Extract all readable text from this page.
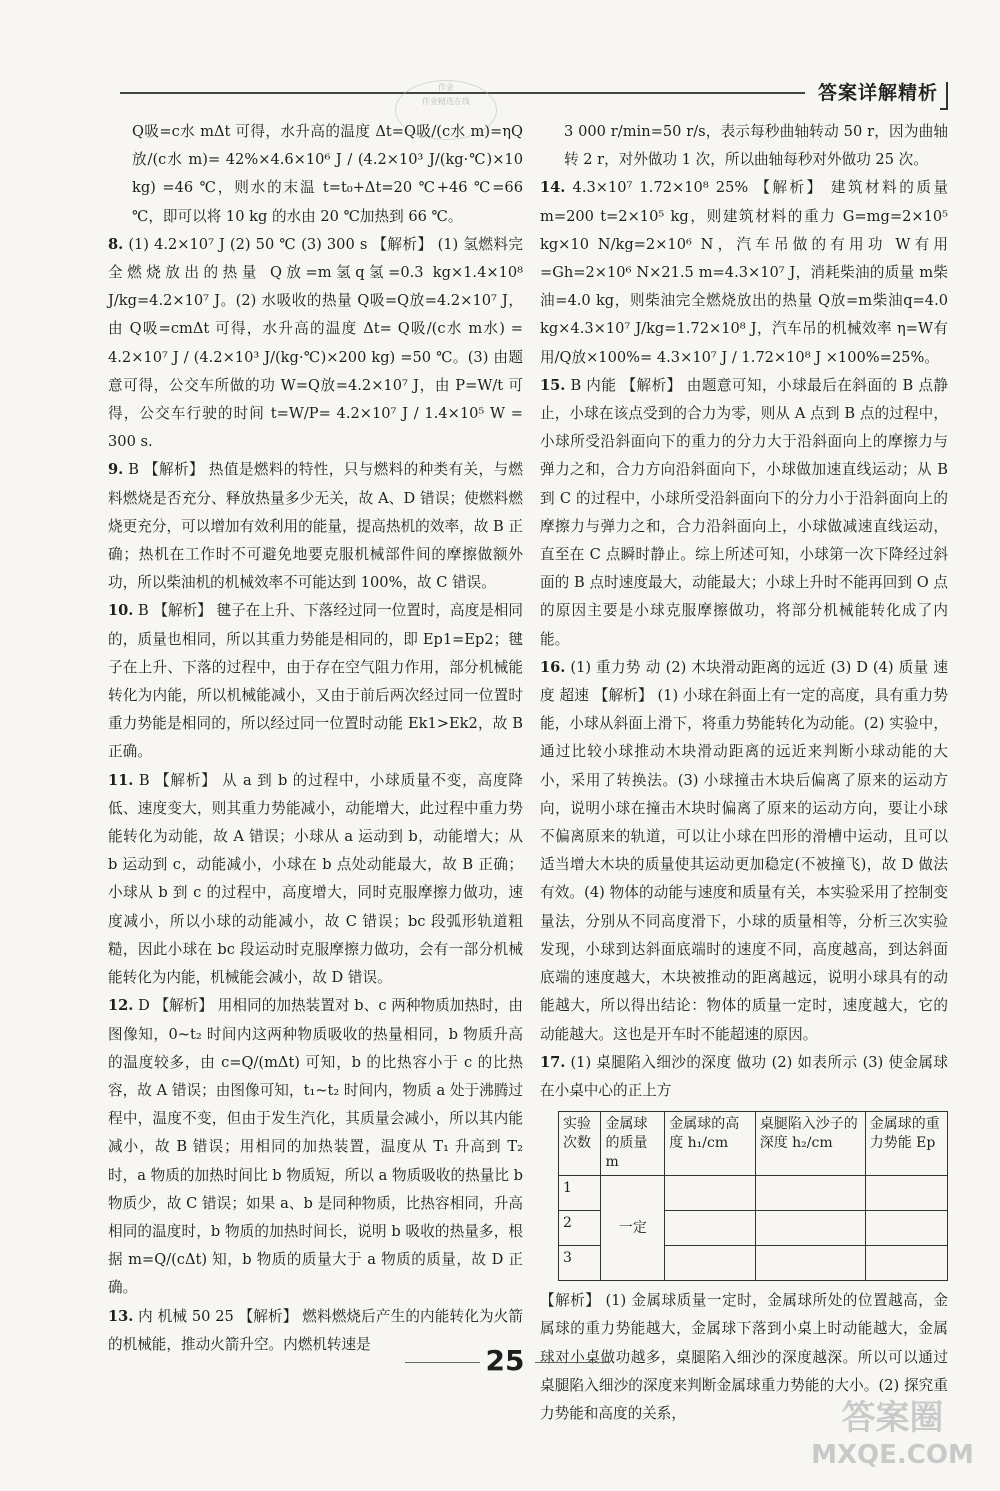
答案详解精析
作业
作业精选在线

Q吸=c水 mΔt 可得，水升高的温度 Δt=Q吸/(c水 m)=ηQ放/(c水 m)= 42%×4.6×10⁶ J / (4.2×10³ J/(kg·℃)×10 kg) =46 ℃，则水的末温 t=t₀+Δt=20 ℃+46 ℃=66 ℃，即可以将 10 kg 的水由 20 ℃加热到 66 ℃。

8. (1) 4.2×10⁷ J (2) 50 ℃ (3) 300 s 【解析】 (1) 氢燃料完全燃烧放出的热量 Q放=m氢q氢=0.3 kg×1.4×10⁸ J/kg=4.2×10⁷ J。(2) 水吸收的热量 Q吸=Q放=4.2×10⁷ J，由 Q吸=cmΔt 可得，水升高的温度 Δt= Q吸/(c水 m水) = 4.2×10⁷ J / (4.2×10³ J/(kg·℃)×200 kg) =50 ℃。(3) 由题意可得，公交车所做的功 W=Q放=4.2×10⁷ J，由 P=W/t 可得，公交车行驶的时间 t=W/P= 4.2×10⁷ J / 1.4×10⁵ W = 300 s.

9. B 【解析】 热值是燃料的特性，只与燃料的种类有关，与燃料燃烧是否充分、释放热量多少无关，故 A、D 错误；使燃料燃烧更充分，可以增加有效利用的能量，提高热机的效率，故 B 正确；热机在工作时不可避免地要克服机械部件间的摩擦做额外功，所以柴油机的机械效率不可能达到 100%，故 C 错误。

10. B 【解析】 毽子在上升、下落经过同一位置时，高度是相同的，质量也相同，所以其重力势能是相同的，即 Ep1=Ep2；毽子在上升、下落的过程中，由于存在空气阻力作用，部分机械能转化为内能，所以机械能减小，又由于前后两次经过同一位置时重力势能是相同的，所以经过同一位置时动能 Ek1>Ek2，故 B 正确。

11. B 【解析】 从 a 到 b 的过程中，小球质量不变，高度降低、速度变大，则其重力势能减小，动能增大，此过程中重力势能转化为动能，故 A 错误；小球从 a 运动到 b，动能增大；从 b 运动到 c，动能减小，小球在 b 点处动能最大，故 B 正确；小球从 b 到 c 的过程中，高度增大，同时克服摩擦力做功，速度减小，所以小球的动能减小，故 C 错误；bc 段弧形轨道粗糙，因此小球在 bc 段运动时克服摩擦力做功，会有一部分机械能转化为内能，机械能会减小，故 D 错误。

12. D 【解析】 用相同的加热装置对 b、c 两种物质加热时，由图像知，0~t₂ 时间内这两种物质吸收的热量相同，b 物质升高的温度较多，由 c=Q/(mΔt) 可知，b 的比热容小于 c 的比热容，故 A 错误；由图像可知，t₁~t₂ 时间内，物质 a 处于沸腾过程中，温度不变，但由于发生汽化，其质量会减小，所以其内能减小，故 B 错误；用相同的加热装置，温度从 T₁ 升高到 T₂ 时，a 物质的加热时间比 b 物质短，所以 a 物质吸收的热量比 b 物质少，故 C 错误；如果 a、b 是同种物质，比热容相同，升高相同的温度时，b 物质的加热时间长，说明 b 吸收的热量多，根据 m=Q/(cΔt) 知，b 物质的质量大于 a 物质的质量，故 D 正确。

13. 内 机械 50 25 【解析】 燃料燃烧后产生的内能转化为火箭的机械能，推动火箭升空。内燃机转速是

3 000 r/min=50 r/s，表示每秒曲轴转动 50 r，因为曲轴转 2 r，对外做功 1 次，所以曲轴每秒对外做功 25 次。

14. 4.3×10⁷ 1.72×10⁸ 25% 【解析】 建筑材料的质量 m=200 t=2×10⁵ kg，则建筑材料的重力 G=mg=2×10⁵ kg×10 N/kg=2×10⁶ N，汽车吊做的有用功 W有用=Gh=2×10⁶ N×21.5 m=4.3×10⁷ J，消耗柴油的质量 m柴油=4.0 kg，则柴油完全燃烧放出的热量 Q放=m柴油q=4.0 kg×4.3×10⁷ J/kg=1.72×10⁸ J，汽车吊的机械效率 η=W有用/Q放×100%= 4.3×10⁷ J / 1.72×10⁸ J ×100%=25%。

15. B 内能 【解析】 由题意可知，小球最后在斜面的 B 点静止，小球在该点受到的合力为零，则从 A 点到 B 点的过程中，小球所受沿斜面向下的重力的分力大于沿斜面向上的摩擦力与弹力之和，合力方向沿斜面向下，小球做加速直线运动；从 B 到 C 的过程中，小球所受沿斜面向下的分力小于沿斜面向上的摩擦力与弹力之和，合力沿斜面向上，小球做减速直线运动，直至在 C 点瞬时静止。综上所述可知，小球第一次下降经过斜面的 B 点时速度最大，动能最大；小球上升时不能再回到 O 点的原因主要是小球克服摩擦做功，将部分机械能转化成了内能。

16. (1) 重力势 动 (2) 木块滑动距离的远近 (3) D (4) 质量 速度 超速 【解析】 (1) 小球在斜面上有一定的高度，具有重力势能，小球从斜面上滑下，将重力势能转化为动能。(2) 实验中，通过比较小球推动木块滑动距离的远近来判断小球动能的大小，采用了转换法。(3) 小球撞击木块后偏离了原来的运动方向，说明小球在撞击木块时偏离了原来的运动方向，要让小球不偏离原来的轨道，可以让小球在凹形的滑槽中运动，且可以适当增大木块的质量使其运动更加稳定(不被撞飞)，故 D 做法有效。(4) 物体的动能与速度和质量有关，本实验采用了控制变量法，分别从不同高度滑下，小球的质量相等，分析三次实验发现，小球到达斜面底端时的速度不同，高度越高，到达斜面底端的速度越大，木块被推动的距离越远，说明小球具有的动能越大，所以得出结论：物体的质量一定时，速度越大，它的动能越大。这也是开车时不能超速的原因。

17. (1) 桌腿陷入细沙的深度 做功 (2) 如表所示 (3) 使金属球在小桌中心的正上方

实验次数	金属球的质量 m	金属球的高度 h₁/cm	桌腿陷入沙子的深度 h₂/cm	金属球的重力势能 Ep
1	一定			
2				
3				

【解析】 (1) 金属球质量一定时，金属球所处的位置越高，金属球的重力势能越大，金属球下落到小桌上时动能越大，金属球对小桌做功越多，桌腿陷入细沙的深度越深。所以可以通过桌腿陷入细沙的深度来判断金属球重力势能的大小。(2) 探究重力势能和高度的关系，

25
答案圈
MXQE.COM
